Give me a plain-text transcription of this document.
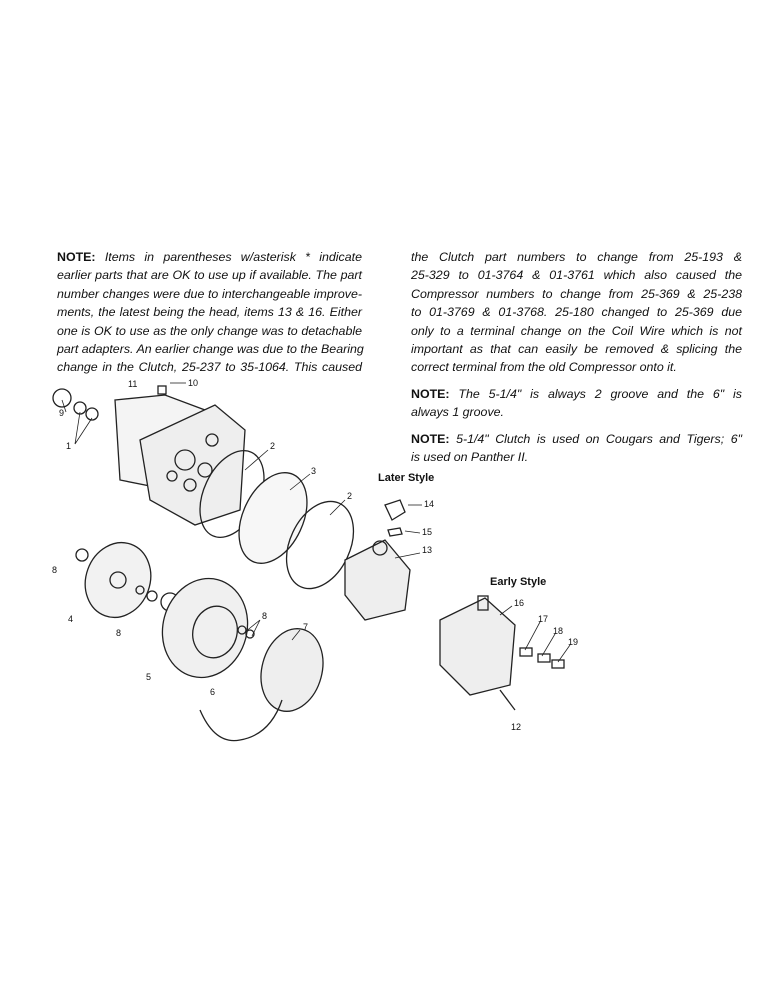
NOTE: Items in parentheses w/asterisk * indicate
earlier parts that are OK to use up if available. The part
number changes were due to interchangeable improve-
ments, the latest being the head, items 13 & 16. Either
one is OK to use as the only change was to detachable
part adapters. An earlier change was due to the Bearing
change in the Clutch, 25-237 to 35-1064. This caused
the Clutch part numbers to change from 25-193 &
25-329 to 01-3764 & 01-3761 which also caused the
Compressor numbers to change from 25-369 & 25-238
to 01-3769 & 01-3768. 25-180 changed to 25-369 due
only to a terminal change on the Coil Wire which is not
important as that can easily be removed & splicing the
correct terminal from the old Compressor onto it.
NOTE: The 5-1/4" is always 2 groove and the 6" is
always 1 groove.
NOTE: 5-1/4" Clutch is used on Cougars and Tigers; 6"
is used on Panther II.
Later Style
Early Style
11	10
9
1	2
3
2
14
15
13
8
4
8
8
7
5
6
16
17
18
19
12
